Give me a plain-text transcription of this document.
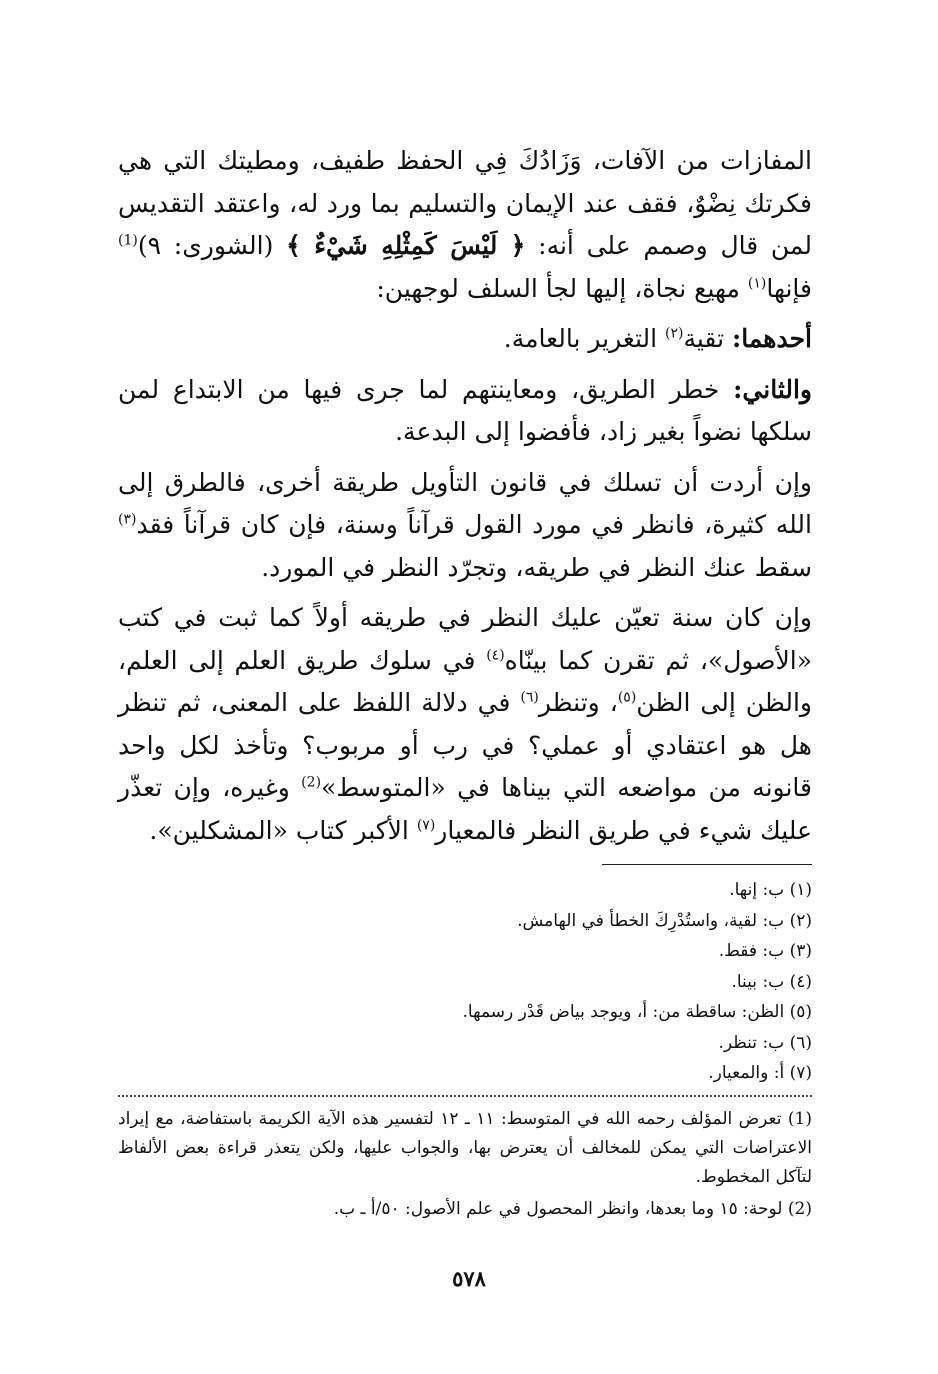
المفازات من الآفات، وَزَادُكَ فِي الحفظ طفيف، ومطيتك التي هي فكرتك نِضْوٌ، فقف عند الإيمان والتسليم بما ورد له، واعتقد التقديس لمن قال وصمم على أنه: ﴿ لَيْسَ كَمِثْلِهِ شَيْءٌ ﴾ (الشورى: ٩)$^{(1)}$ فإنها$^{(١)}$ مهيع نجاة، إليها لجأ السلف لوجهين:

أحدهما: تقية$^{(٢)}$ التغرير بالعامة.

والثاني: خطر الطريق، ومعاينتهم لما جرى فيها من الابتداع لمن سلكها نضواً بغير زاد، فأفضوا إلى البدعة.

وإن أردت أن تسلك في قانون التأويل طريقة أخرى، فالطرق إلى الله كثيرة، فانظر في مورد القول قرآناً وسنة، فإن كان قرآناً فقد$^{(٣)}$ سقط عنك النظر في طريقه، وتجرّد النظر في المورد.

وإن كان سنة تعيّن عليك النظر في طريقه أولاً كما ثبت في كتب «الأصول»، ثم تقرن كما بينّاه$^{(٤)}$ في سلوك طريق العلم إلى العلم، والظن إلى الظن$^{(٥)}$، وتنظر$^{(٦)}$ في دلالة اللفظ على المعنى، ثم تنظر هل هو اعتقادي أو عملي؟ في رب أو مربوب؟ وتأخذ لكل واحد قانونه من مواضعه التي بيناها في «المتوسط»$^{(2)}$ وغيره، وإن تعذّر عليك شيء في طريق النظر فالمعيار$^{(٧)}$ الأكبر كتاب «المشكلين».

(١) ب: إنها.
(٢) ب: لقية، واستُدْرِكَ الخطأ في الهامش.
(٣) ب: فقط.
(٤) ب: بينا.
(٥) الظن: ساقطة من: أ، ويوجد بياض قَدْر رسمها.
(٦) ب: تنظر.
(٧) أ: والمعيار.
(1) تعرض المؤلف رحمه الله في المتوسط: ١١ ـ ١٢ لتفسير هذه الآية الكريمة باستفاضة، مع إيراد الاعتراضات التي يمكن للمخالف أن يعترض بها، والجواب عليها، ولكن يتعذر قراءة بعض الألفاظ لتآكل المخطوط.
(2) لوحة: ١٥ وما بعدها، وانظر المحصول في علم الأصول: ٥٠/أ ـ ب.
٥٧٨
